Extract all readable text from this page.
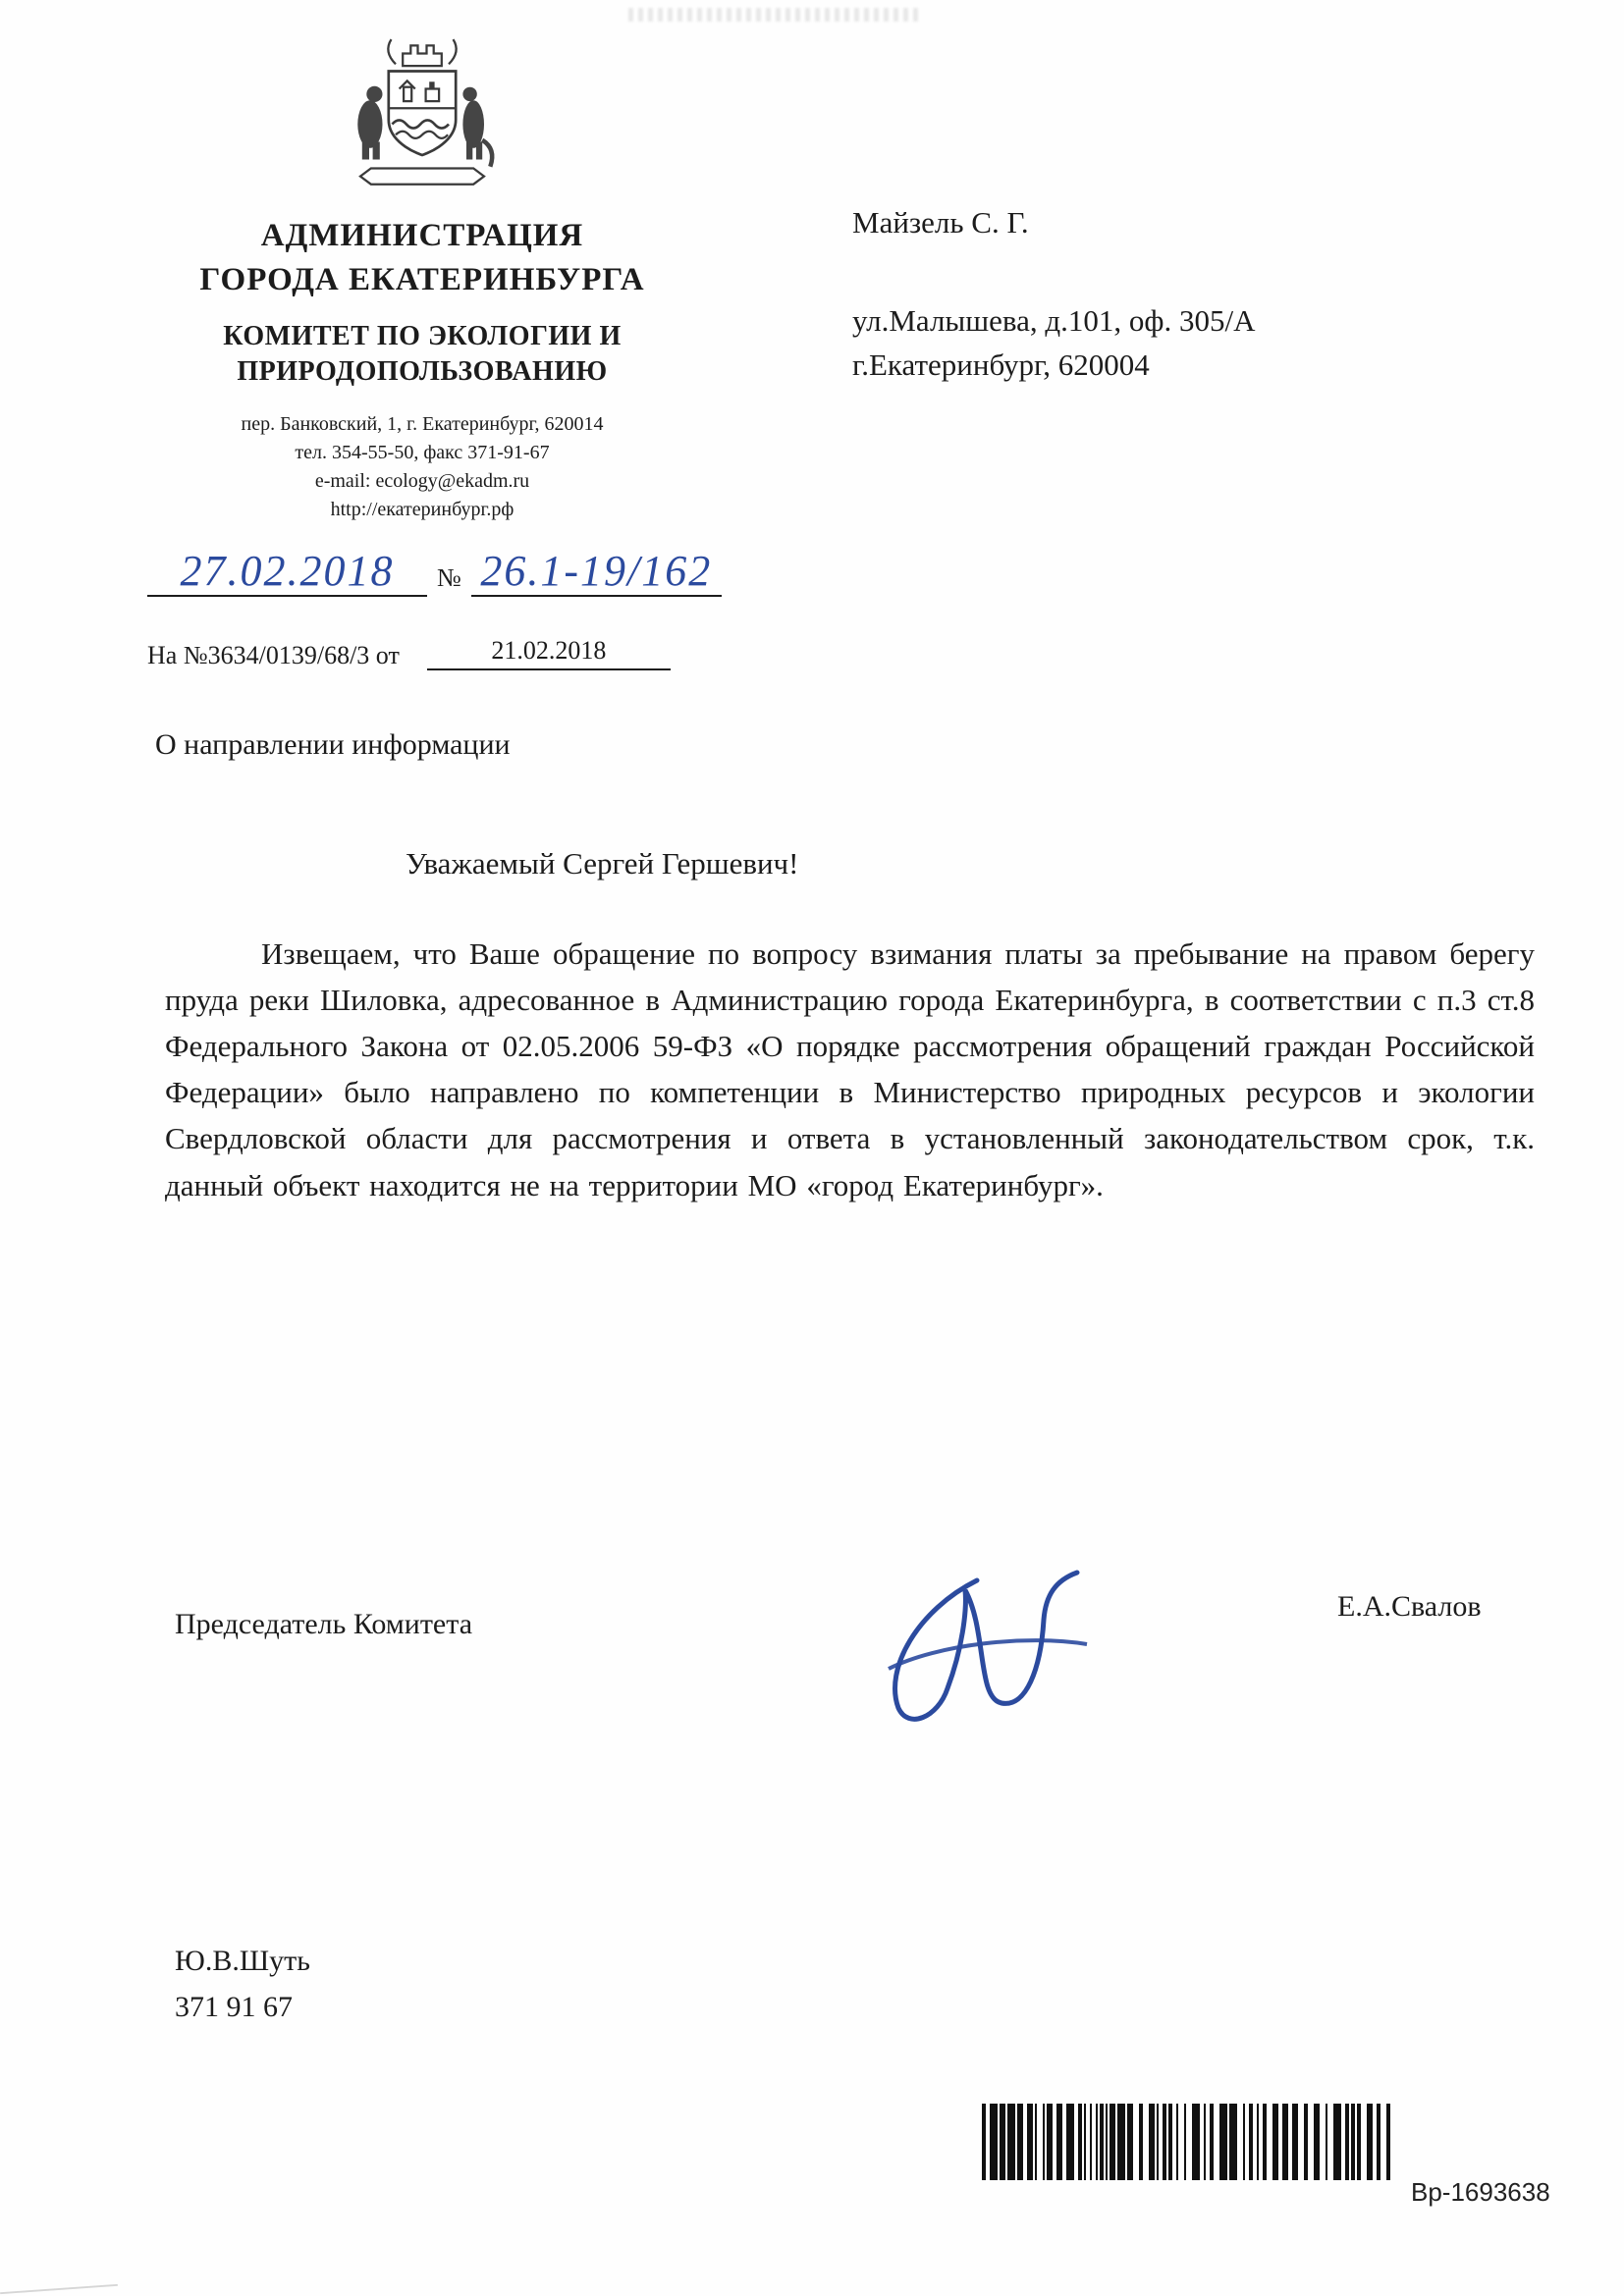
АДМИНИСТРАЦИЯ
ГОРОДА ЕКАТЕРИНБУРГА
КОМИТЕТ ПО ЭКОЛОГИИ И
ПРИРОДОПОЛЬЗОВАНИЮ
пер. Банковский, 1, г. Екатеринбург, 620014
тел. 354-55-50, факс 371-91-67
e-mail: ecology@ekadm.ru
http://екатеринбург.рф
27.02.2018	№ 26.1-19/162
На №3634/0139/68/3 от	21.02.2018
Майзель С. Г.
ул.Малышева, д.101, оф. 305/А
г.Екатеринбург, 620004
О направлении информации
Уважаемый Сергей Гершевич!
Извещаем, что Ваше обращение по вопросу взимания платы за пребывание на правом берегу пруда реки Шиловка, адресованное в Администрацию города Екатеринбурга, в соответствии с п.3 ст.8 Федерального Закона от 02.05.2006 59-ФЗ «О порядке рассмотрения обращений граждан Российской Федерации» было направлено по компетенции в Министерство природных ресурсов и экологии Свердловской области для рассмотрения и ответа в установленный законодательством срок, т.к. данный объект находится не на территории МО «город Екатеринбург».
Председатель Комитета
Е.А.Свалов
Ю.В.Шуть
371 91 67
Вр-1693638
